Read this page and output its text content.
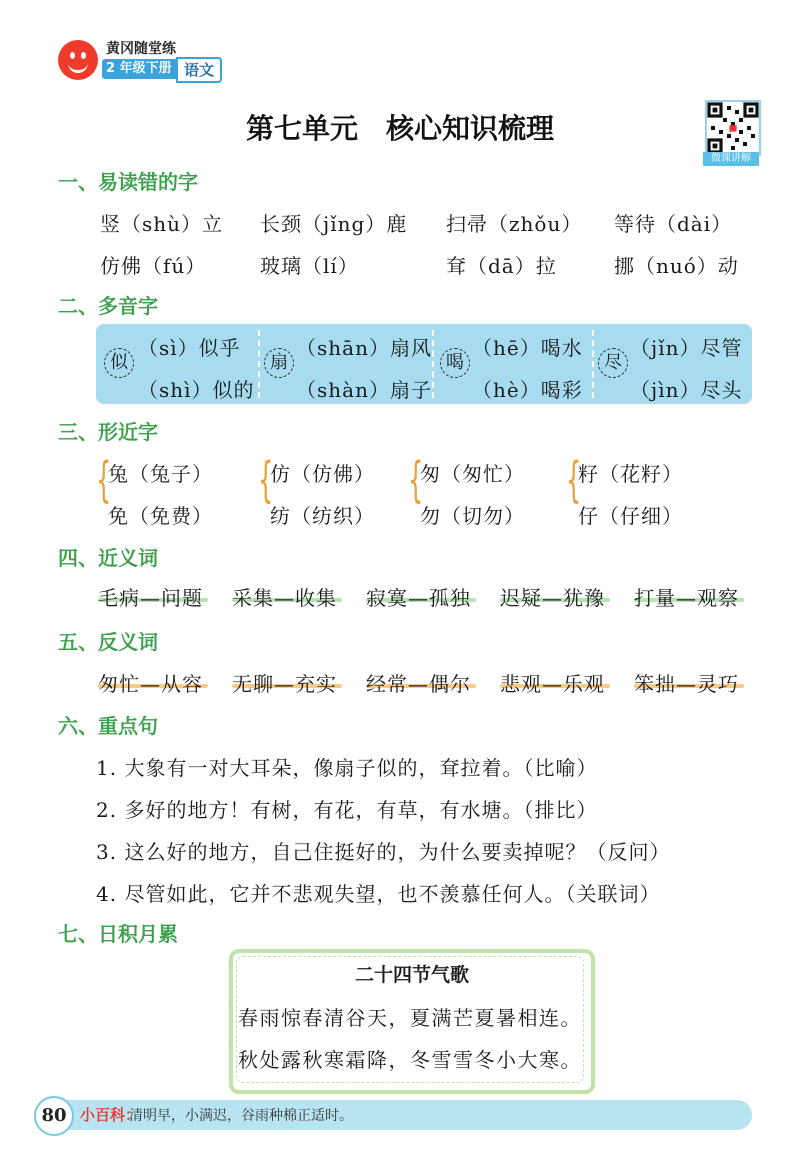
黄冈随堂练
2 年级下册 语文
第七单元　核心知识梳理
微课讲解
一、易读错的字
竖（shù）立 长颈（jǐng）鹿 扫帚（zhǒu） 等待（dài）
仿佛（fú）	玻璃（lí）	耷（dā）拉	挪（nuó）动
二、多音字
似
（sì）似乎
（shì）似的
扇
（shān）扇风
（shàn）扇子
喝
（hē）喝水
（hè）喝彩
尽
（jǐn）尽管
（jìn）尽头
三、形近字
{
兔（兔子）
免（免费）
{
仿（仿佛）
纺（纺织）
{
匆（匆忙）
勿（切勿）
{
籽（花籽）
仔（仔细）
四、近义词
毛病—问题 采集—收集 寂寞—孤独 迟疑—犹豫 打量—观察
五、反义词
匆忙—从容 无聊—充实 经常—偶尔 悲观—乐观 笨拙—灵巧
六、重点句
1. 大象有一对大耳朵，像扇子似的，耷拉着。（比喻）
2. 多好的地方！有树，有花，有草，有水塘。（排比）
3. 这么好的地方，自己住挺好的，为什么要卖掉呢？（反问）
4. 尽管如此，它并不悲观失望，也不羡慕任何人。（关联词）
七、日积月累
二十四节气歌
春雨惊春清谷天，夏满芒夏暑相连。
秋处露秋寒霜降，冬雪雪冬小大寒。
80 小百科：
清明早，小满迟，谷雨种棉正适时。
